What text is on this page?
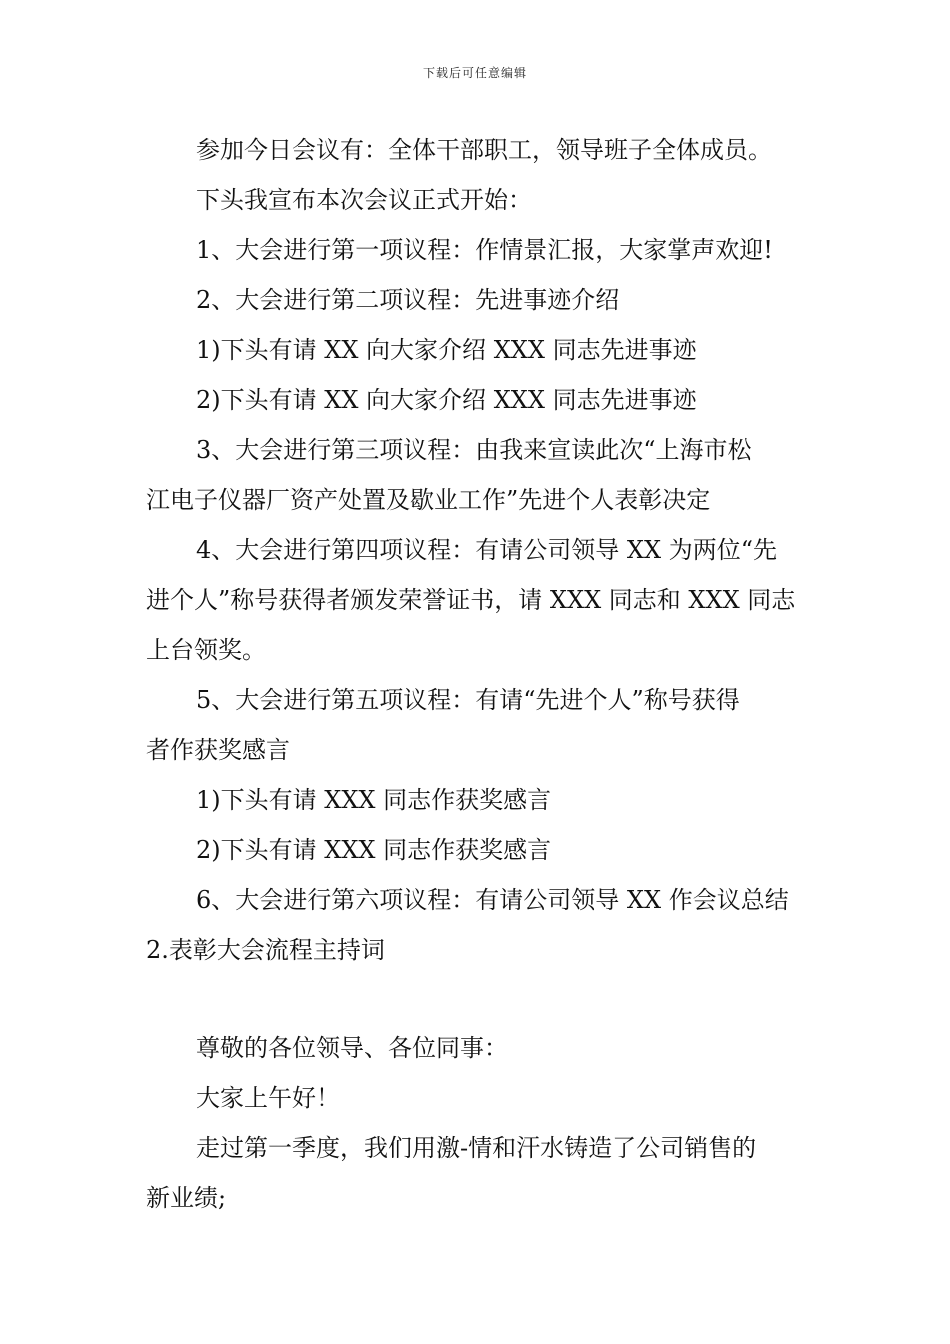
下载后可任意编辑
参加今日会议有：全体干部职工，领导班子全体成员。
下头我宣布本次会议正式开始：
1、大会进行第一项议程：作情景汇报，大家掌声欢迎!
2、大会进行第二项议程：先进事迹介绍
1)下头有请 XX 向大家介绍 XXX 同志先进事迹
2)下头有请 XX 向大家介绍 XXX 同志先进事迹
3、大会进行第三项议程：由我来宣读此次“上海市松
江电子仪器厂资产处置及歇业工作”先进个人表彰决定
4、大会进行第四项议程：有请公司领导 XX 为两位“先
进个人”称号获得者颁发荣誉证书，请 XXX 同志和 XXX 同志
上台领奖。
5、大会进行第五项议程：有请“先进个人”称号获得
者作获奖感言
1)下头有请 XXX 同志作获奖感言
2)下头有请 XXX 同志作获奖感言
6、大会进行第六项议程：有请公司领导 XX 作会议总结
2.表彰大会流程主持词
尊敬的各位领导、各位同事：
大家上午好！
走过第一季度，我们用激-情和汗水铸造了公司销售的
新业绩;
